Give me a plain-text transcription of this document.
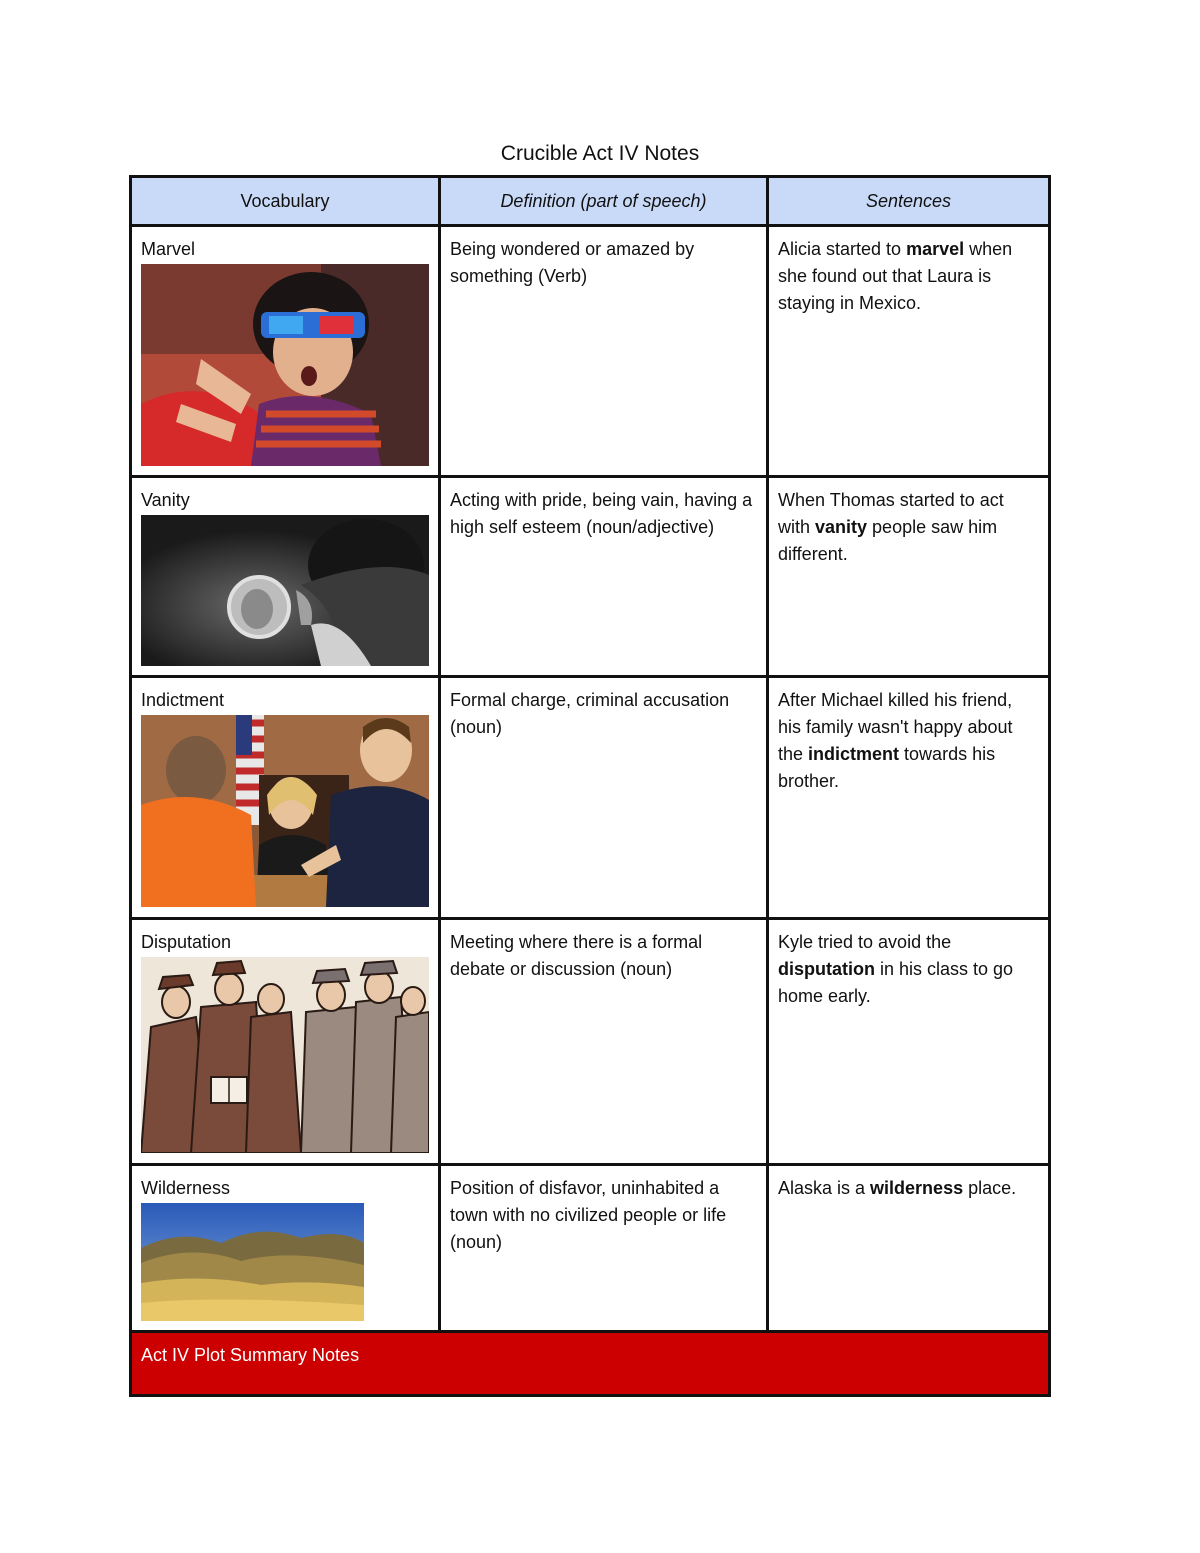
Crucible Act IV Notes
Vocabulary	Definition (part of speech)	Sentences

Marvel	Being wondered or amazed by something (Verb)	Alicia started to marvel when she found out that Laura is staying in Mexico.

Vanity	Acting with pride, being vain, having a high self esteem (noun/adjective)	When Thomas started to act with vanity people saw him different.

Indictment	Formal charge, criminal accusation (noun)	After Michael killed his friend, his family wasn't happy about the indictment towards his brother.

Disputation	Meeting where there is a formal debate or discussion (noun)	Kyle tried to avoid the disputation in his class to go home early.

Wilderness	Position of disfavor, uninhabited a town with no civilized people or life (noun)	Alaska is a wilderness place.
Act IV Plot Summary Notes		
